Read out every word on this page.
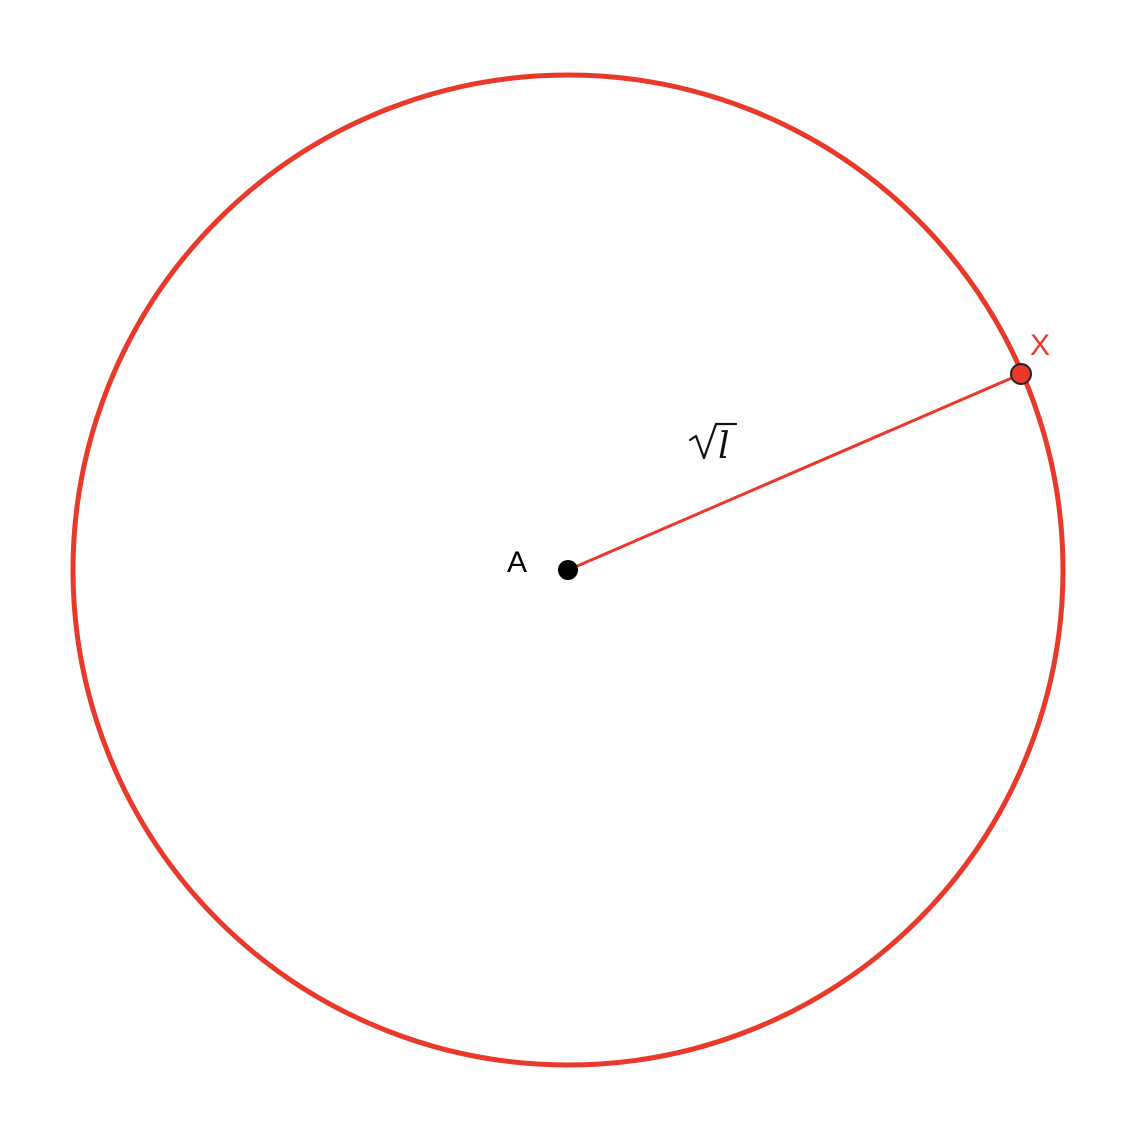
A
X
l
